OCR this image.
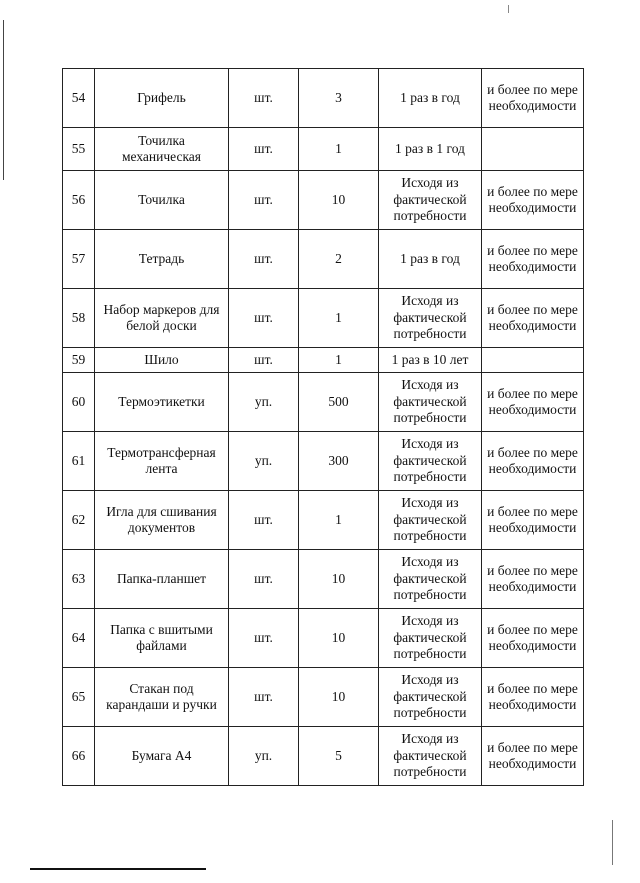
54	Грифель	шт.	3	1 раз в год	и более по мере необходимости
55	Точилка механическая	шт.	1	1 раз в 1 год	
56	Точилка	шт.	10	Исходя из фактической потребности	и более по мере необходимости
57	Тетрадь	шт.	2	1 раз в год	и более по мере необходимости
58	Набор маркеров для белой доски	шт.	1	Исходя из фактической потребности	и более по мере необходимости
59	Шило	шт.	1	1 раз в 10 лет	
60	Термоэтикетки	уп.	500	Исходя из фактической потребности	и более по мере необходимости
61	Термотрансферная лента	уп.	300	Исходя из фактической потребности	и более по мере необходимости
62	Игла для сшивания документов	шт.	1	Исходя из фактической потребности	и более по мере необходимости
63	Папка-планшет	шт.	10	Исходя из фактической потребности	и более по мере необходимости
64	Папка с вшитыми файлами	шт.	10	Исходя из фактической потребности	и более по мере необходимости
65	Стакан под карандаши и ручки	шт.	10	Исходя из фактической потребности	и более по мере необходимости
66	Бумага А4	уп.	5	Исходя из фактической потребности	и более по мере необходимости
